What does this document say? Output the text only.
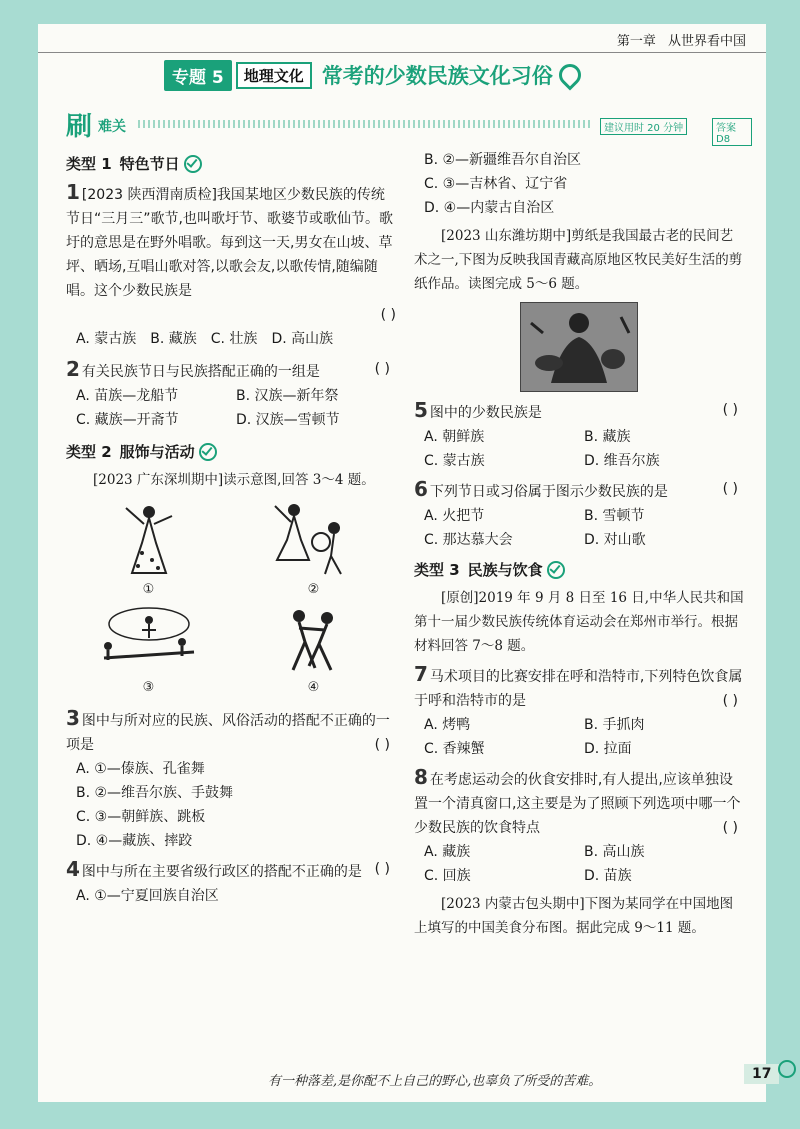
第一章 从世界看中国
专题 5	地理文化 常考的少数民族文化习俗
刷 难关	建议用时 20 分钟	答案 D8
类型 1 特色节日
1 [2023 陕西渭南质检]我国某地区少数民族的传统节日“三月三”歌节,也叫歌圩节、歌婆节或歌仙节。歌圩的意思是在野外唱歌。每到这一天,男女在山坡、草坪、晒场,互唱山歌对答,以歌会友,以歌传情,随编随唱。这个少数民族是
( )
A. 蒙古族 B. 藏族 C. 壮族 D. 高山族
2 有关民族节日与民族搭配正确的一组是	( )
A. 苗族—龙船节	B. 汉族—新年祭
C. 藏族—开斋节	D. 汉族—雪顿节
类型 2 服饰与活动
[2023 广东深圳期中]读示意图,回答 3～4 题。
①	②
③	④
3 图中与所对应的民族、风俗活动的搭配不正确的一项是	( )
A. ①—傣族、孔雀舞
B. ②—维吾尔族、手鼓舞
C. ③—朝鲜族、跳板
D. ④—藏族、摔跤
4 图中与所在主要省级行政区的搭配不正确的是 ( )
A. ①—宁夏回族自治区
B. ②—新疆维吾尔自治区
C. ③—吉林省、辽宁省
D. ④—内蒙古自治区
[2023 山东潍坊期中]剪纸是我国最古老的民间艺术之一,下图为反映我国青藏高原地区牧民美好生活的剪纸作品。读图完成 5～6 题。
5 图中的少数民族是	( )
A. 朝鲜族	B. 藏族
C. 蒙古族	D. 维吾尔族
6 下列节日或习俗属于图示少数民族的是	( )
A. 火把节	B. 雪顿节
C. 那达慕大会	D. 对山歌
类型 3 民族与饮食
[原创]2019 年 9 月 8 日至 16 日,中华人民共和国第十一届少数民族传统体育运动会在郑州市举行。根据材料回答 7～8 题。
7 马术项目的比赛安排在呼和浩特市,下列特色饮食属于呼和浩特市的是	( )
A. 烤鸭	B. 手抓肉
C. 香辣蟹	D. 拉面
8 在考虑运动会的伙食安排时,有人提出,应该单独设置一个清真窗口,这主要是为了照顾下列选项中哪一个少数民族的饮食特点	( )
A. 藏族	B. 高山族
C. 回族	D. 苗族
[2023 内蒙古包头期中]下图为某同学在中国地图上填写的中国美食分布图。据此完成 9～11 题。
有一种落差,是你配不上自己的野心,也辜负了所受的苦难。	17
